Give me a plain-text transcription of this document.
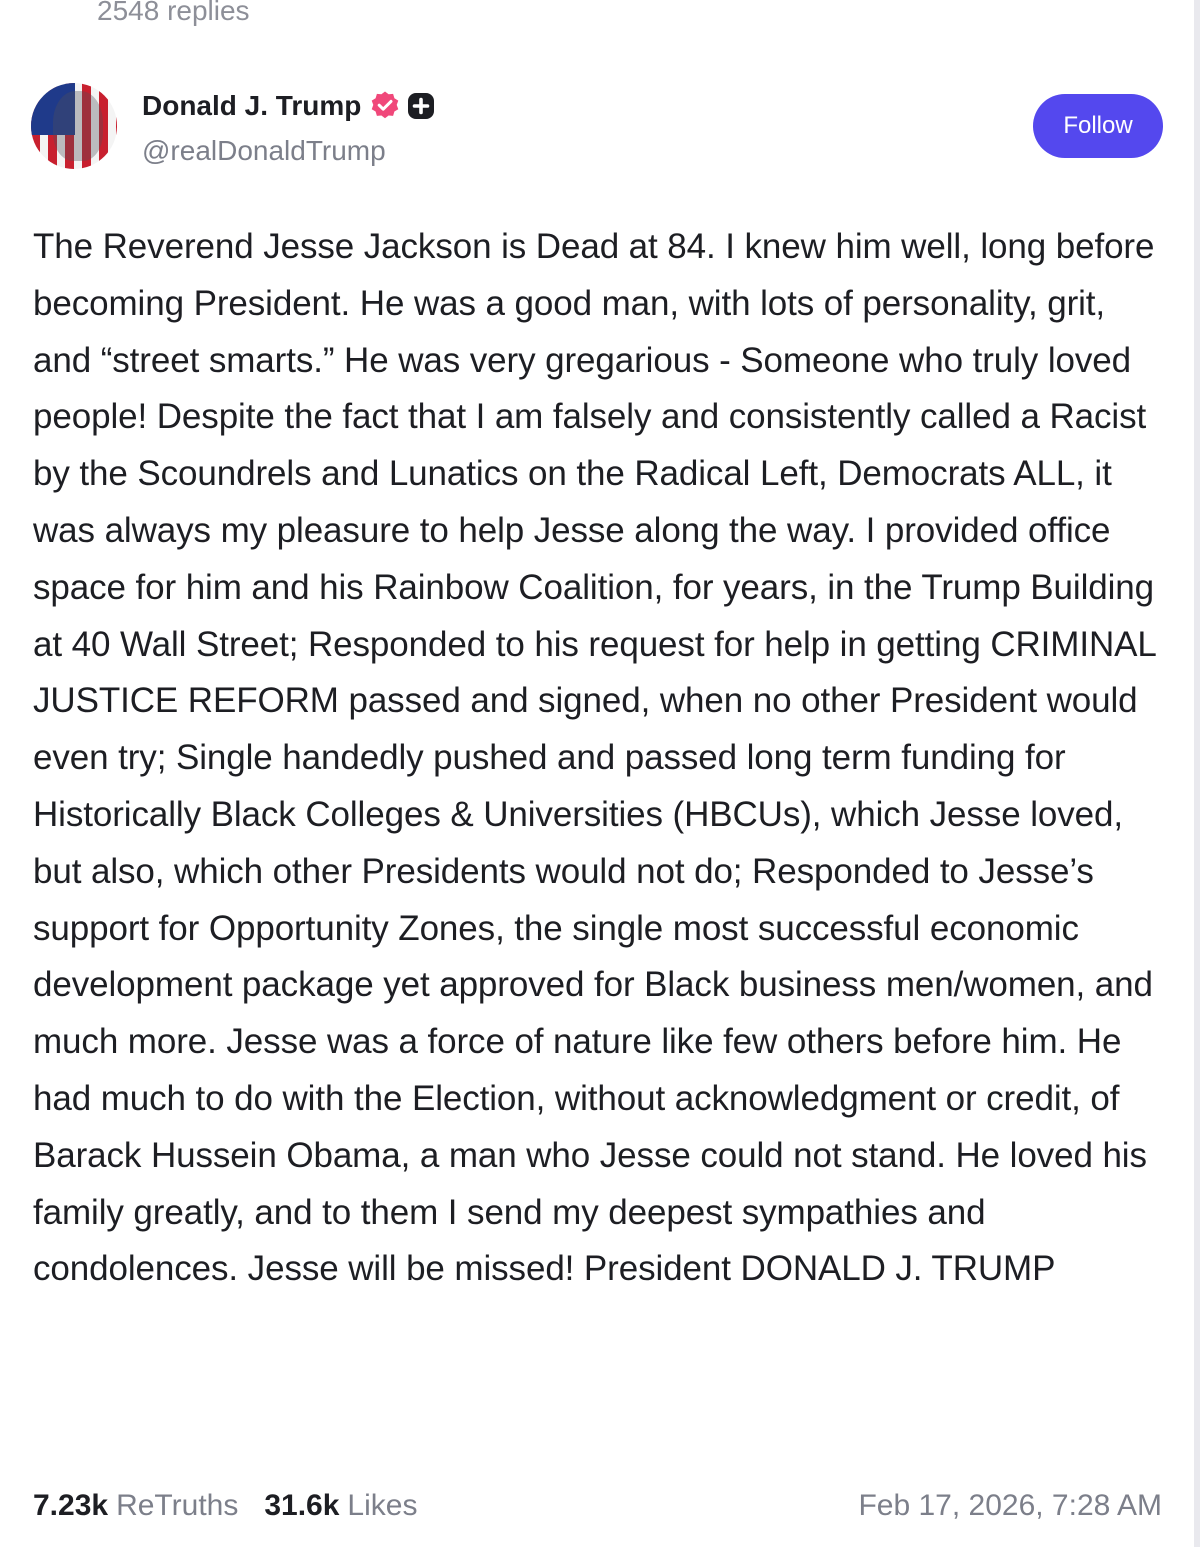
2548 replies
Donald J. Trump
@realDonaldTrump
Follow
The Reverend Jesse Jackson is Dead at 84. I knew him well, long before becoming President. He was a good man, with lots of personality, grit, and “street smarts.” He was very gregarious - Someone who truly loved people! Despite the fact that I am falsely and consistently called a Racist by the Scoundrels and Lunatics on the Radical Left, Democrats ALL, it was always my pleasure to help Jesse along the way. I provided office space for him and his Rainbow Coalition, for years, in the Trump Building at 40 Wall Street; Responded to his request for help in getting CRIMINAL JUSTICE REFORM passed and signed, when no other President would even try; Single handedly pushed and passed long term funding for Historically Black Colleges & Universities (HBCUs), which Jesse loved, but also, which other Presidents would not do; Responded to Jesse’s support for Opportunity Zones, the single most successful economic development package yet approved for Black business men/women, and much more. Jesse was a force of nature like few others before him. He had much to do with the Election, without acknowledgment or credit, of Barack Hussein Obama, a man who Jesse could not stand. He loved his family greatly, and to them I send my deepest sympathies and condolences. Jesse will be missed! President DONALD J. TRUMP
7.23k ReTruths 31.6k Likes	Feb 17, 2026, 7:28 AM
